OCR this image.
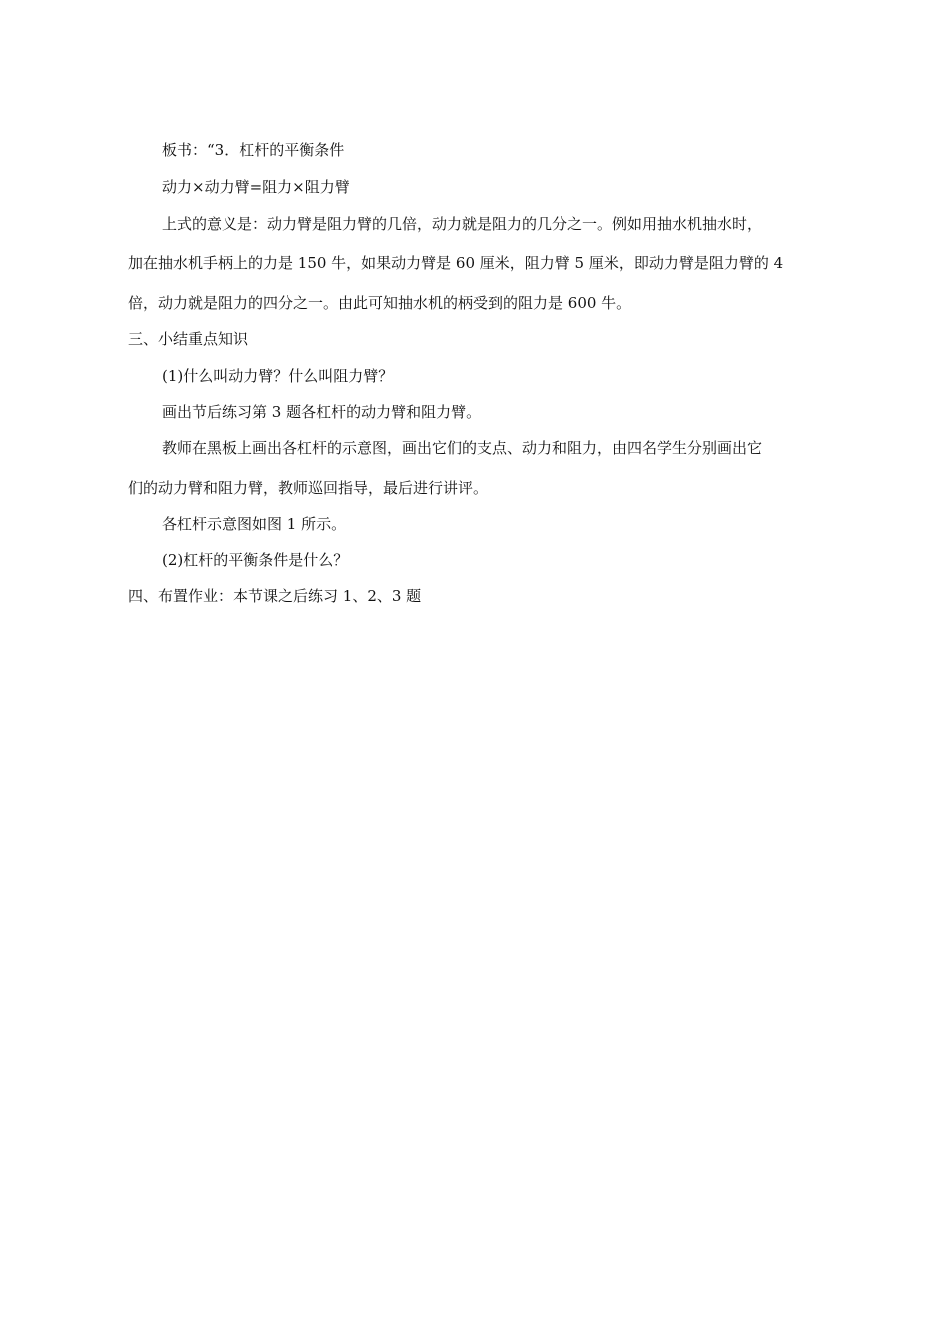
板书：“3．杠杆的平衡条件
动力×动力臂=阻力×阻力臂
上式的意义是：动力臂是阻力臂的几倍，动力就是阻力的几分之一。例如用抽水机抽水时，
加在抽水机手柄上的力是 150 牛，如果动力臂是 60 厘米，阻力臂 5 厘米，即动力臂是阻力臂的 4
倍，动力就是阻力的四分之一。由此可知抽水机的柄受到的阻力是 600 牛。
三、小结重点知识
(1)什么叫动力臂？什么叫阻力臂？
画出节后练习第 3 题各杠杆的动力臂和阻力臂。
教师在黑板上画出各杠杆的示意图，画出它们的支点、动力和阻力，由四名学生分别画出它
们的动力臂和阻力臂，教师巡回指导，最后进行讲评。
各杠杆示意图如图 1 所示。
(2)杠杆的平衡条件是什么？
四、布置作业：本节课之后练习 1、2、3 题
